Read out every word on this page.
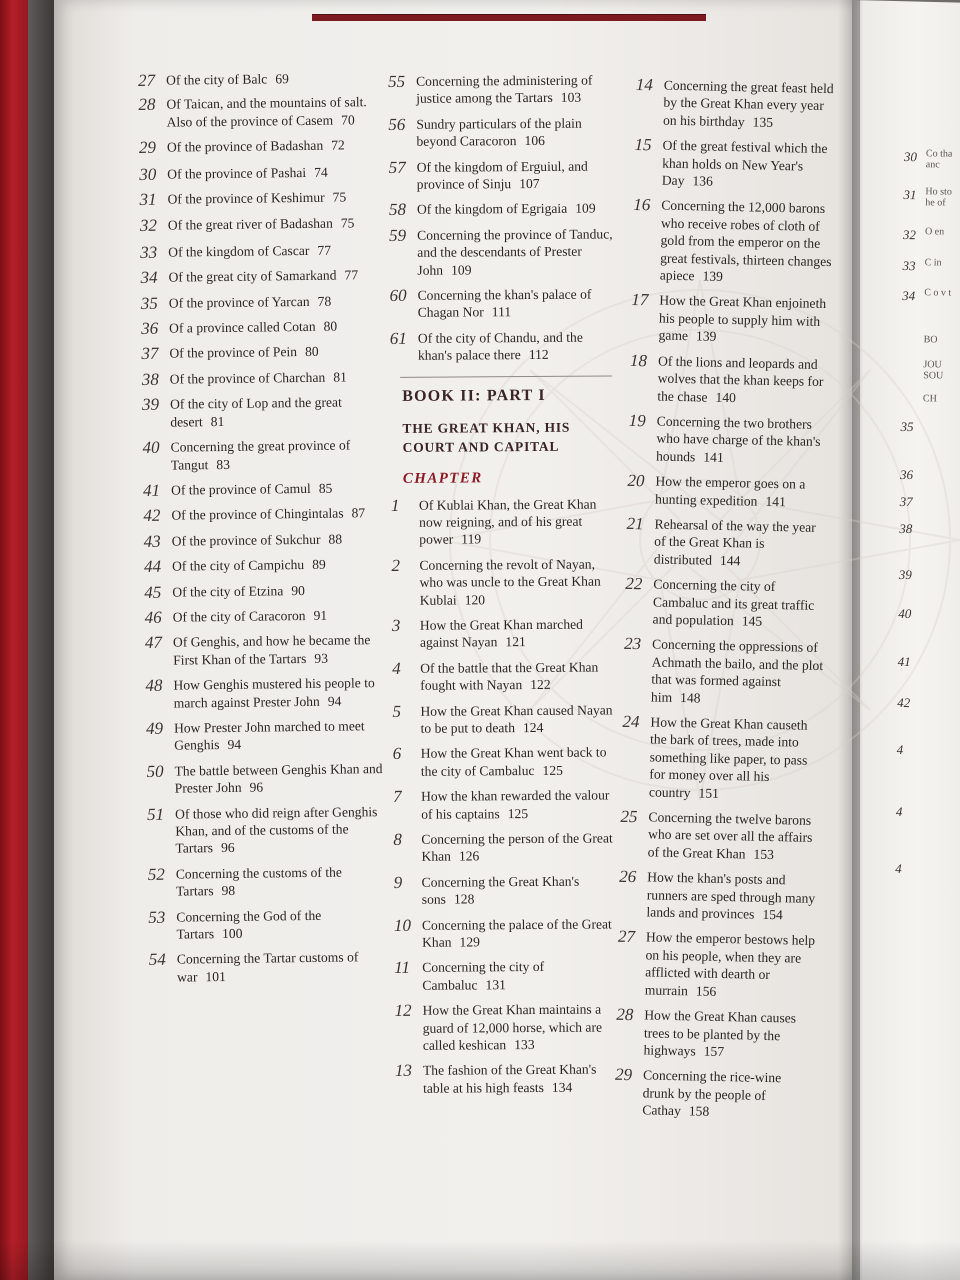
27 Of the city of Balc 69
28 Of Taican, and the mountains of salt. Also of the province of Casem 70
29 Of the province of Badashan 72
30 Of the province of Pashai 74
31 Of the province of Keshimur 75
32 Of the great river of Badashan 75
33 Of the kingdom of Cascar 77
34 Of the great city of Samarkand 77
35 Of the province of Yarcan 78
36 Of a province called Cotan 80
37 Of the province of Pein 80
38 Of the province of Charchan 81
39 Of the city of Lop and the great desert 81
40 Concerning the great province of Tangut 83
41 Of the province of Camul 85
42 Of the province of Chingintalas 87
43 Of the province of Sukchur 88
44 Of the city of Campichu 89
45 Of the city of Etzina 90
46 Of the city of Caracoron 91
47 Of Genghis, and how he became the First Khan of the Tartars 93
48 How Genghis mustered his people to march against Prester John 94
49 How Prester John marched to meet Genghis 94
50 The battle between Genghis Khan and Prester John 96
51 Of those who did reign after Genghis Khan, and of the customs of the Tartars 96
52 Concerning the customs of the Tartars 98
53 Concerning the God of the Tartars 100
54 Concerning the Tartar customs of war 101
55 Concerning the administering of justice among the Tartars 103
56 Sundry particulars of the plain beyond Caracoron 106
57 Of the kingdom of Erguiul, and province of Sinju 107
58 Of the kingdom of Egrigaia 109
59 Concerning the province of Tanduc, and the descendants of Prester John 109
60 Concerning the khan's palace of Chagan Nor 111
61 Of the city of Chandu, and the khan's palace there 112
BOOK II: PART I
THE GREAT KHAN, HIS COURT AND CAPITAL
CHAPTER
1	Of Kublai Khan, the Great Khan now reigning, and of his great power 119
2	Concerning the revolt of Nayan, who was uncle to the Great Khan Kublai 120
3	How the Great Khan marched against Nayan 121
4	Of the battle that the Great Khan fought with Nayan 122
5	How the Great Khan caused Nayan to be put to death 124
6	How the Great Khan went back to the city of Cambaluc 125
7	How the khan rewarded the valour of his captains 125
8	Concerning the person of the Great Khan 126
9	Concerning the Great Khan's sons 128
10 Concerning the palace of the Great Khan 129
11 Concerning the city of Cambaluc 131
12 How the Great Khan maintains a guard of 12,000 horse, which are called keshican 133
13 The fashion of the Great Khan's table at his high feasts 134
14 Concerning the great feast held by the Great Khan every year on his birthday 135
15 Of the great festival which the khan holds on New Year's Day 136
16 Concerning the 12,000 barons who receive robes of cloth of gold from the emperor on the great festivals, thirteen changes apiece 139
17 How the Great Khan enjoineth his people to supply him with game 139
18 Of the lions and leopards and wolves that the khan keeps for the chase 140
19 Concerning the two brothers who have charge of the khan's hounds 141
20 How the emperor goes on a hunting expedition 141
21 Rehearsal of the way the year of the Great Khan is distributed 144
22 Concerning the city of Cambaluc and its great traffic and population 145
23 Concerning the oppressions of Achmath the bailo, and the plot that was formed against him 148
24 How the Great Khan causeth the bark of trees, made into something like paper, to pass for money over all his country 151
25 Concerning the twelve barons who are set over all the affairs of the Great Khan 153
26 How the khan's posts and runners are sped through many lands and provinces 154
27 How the emperor bestows help on his people, when they are afflicted with dearth or murrain 156
28 How the Great Khan causes trees to be planted by the highways 157
29 Concerning the rice-wine drunk by the people of Cathay 158
30 Co tha anc
31 Ho sto he of
32 O en
33 C in
34 C o v t
BO
JOU SOU
CH
35
36
37
38
39
40
41
42
4
4
4
